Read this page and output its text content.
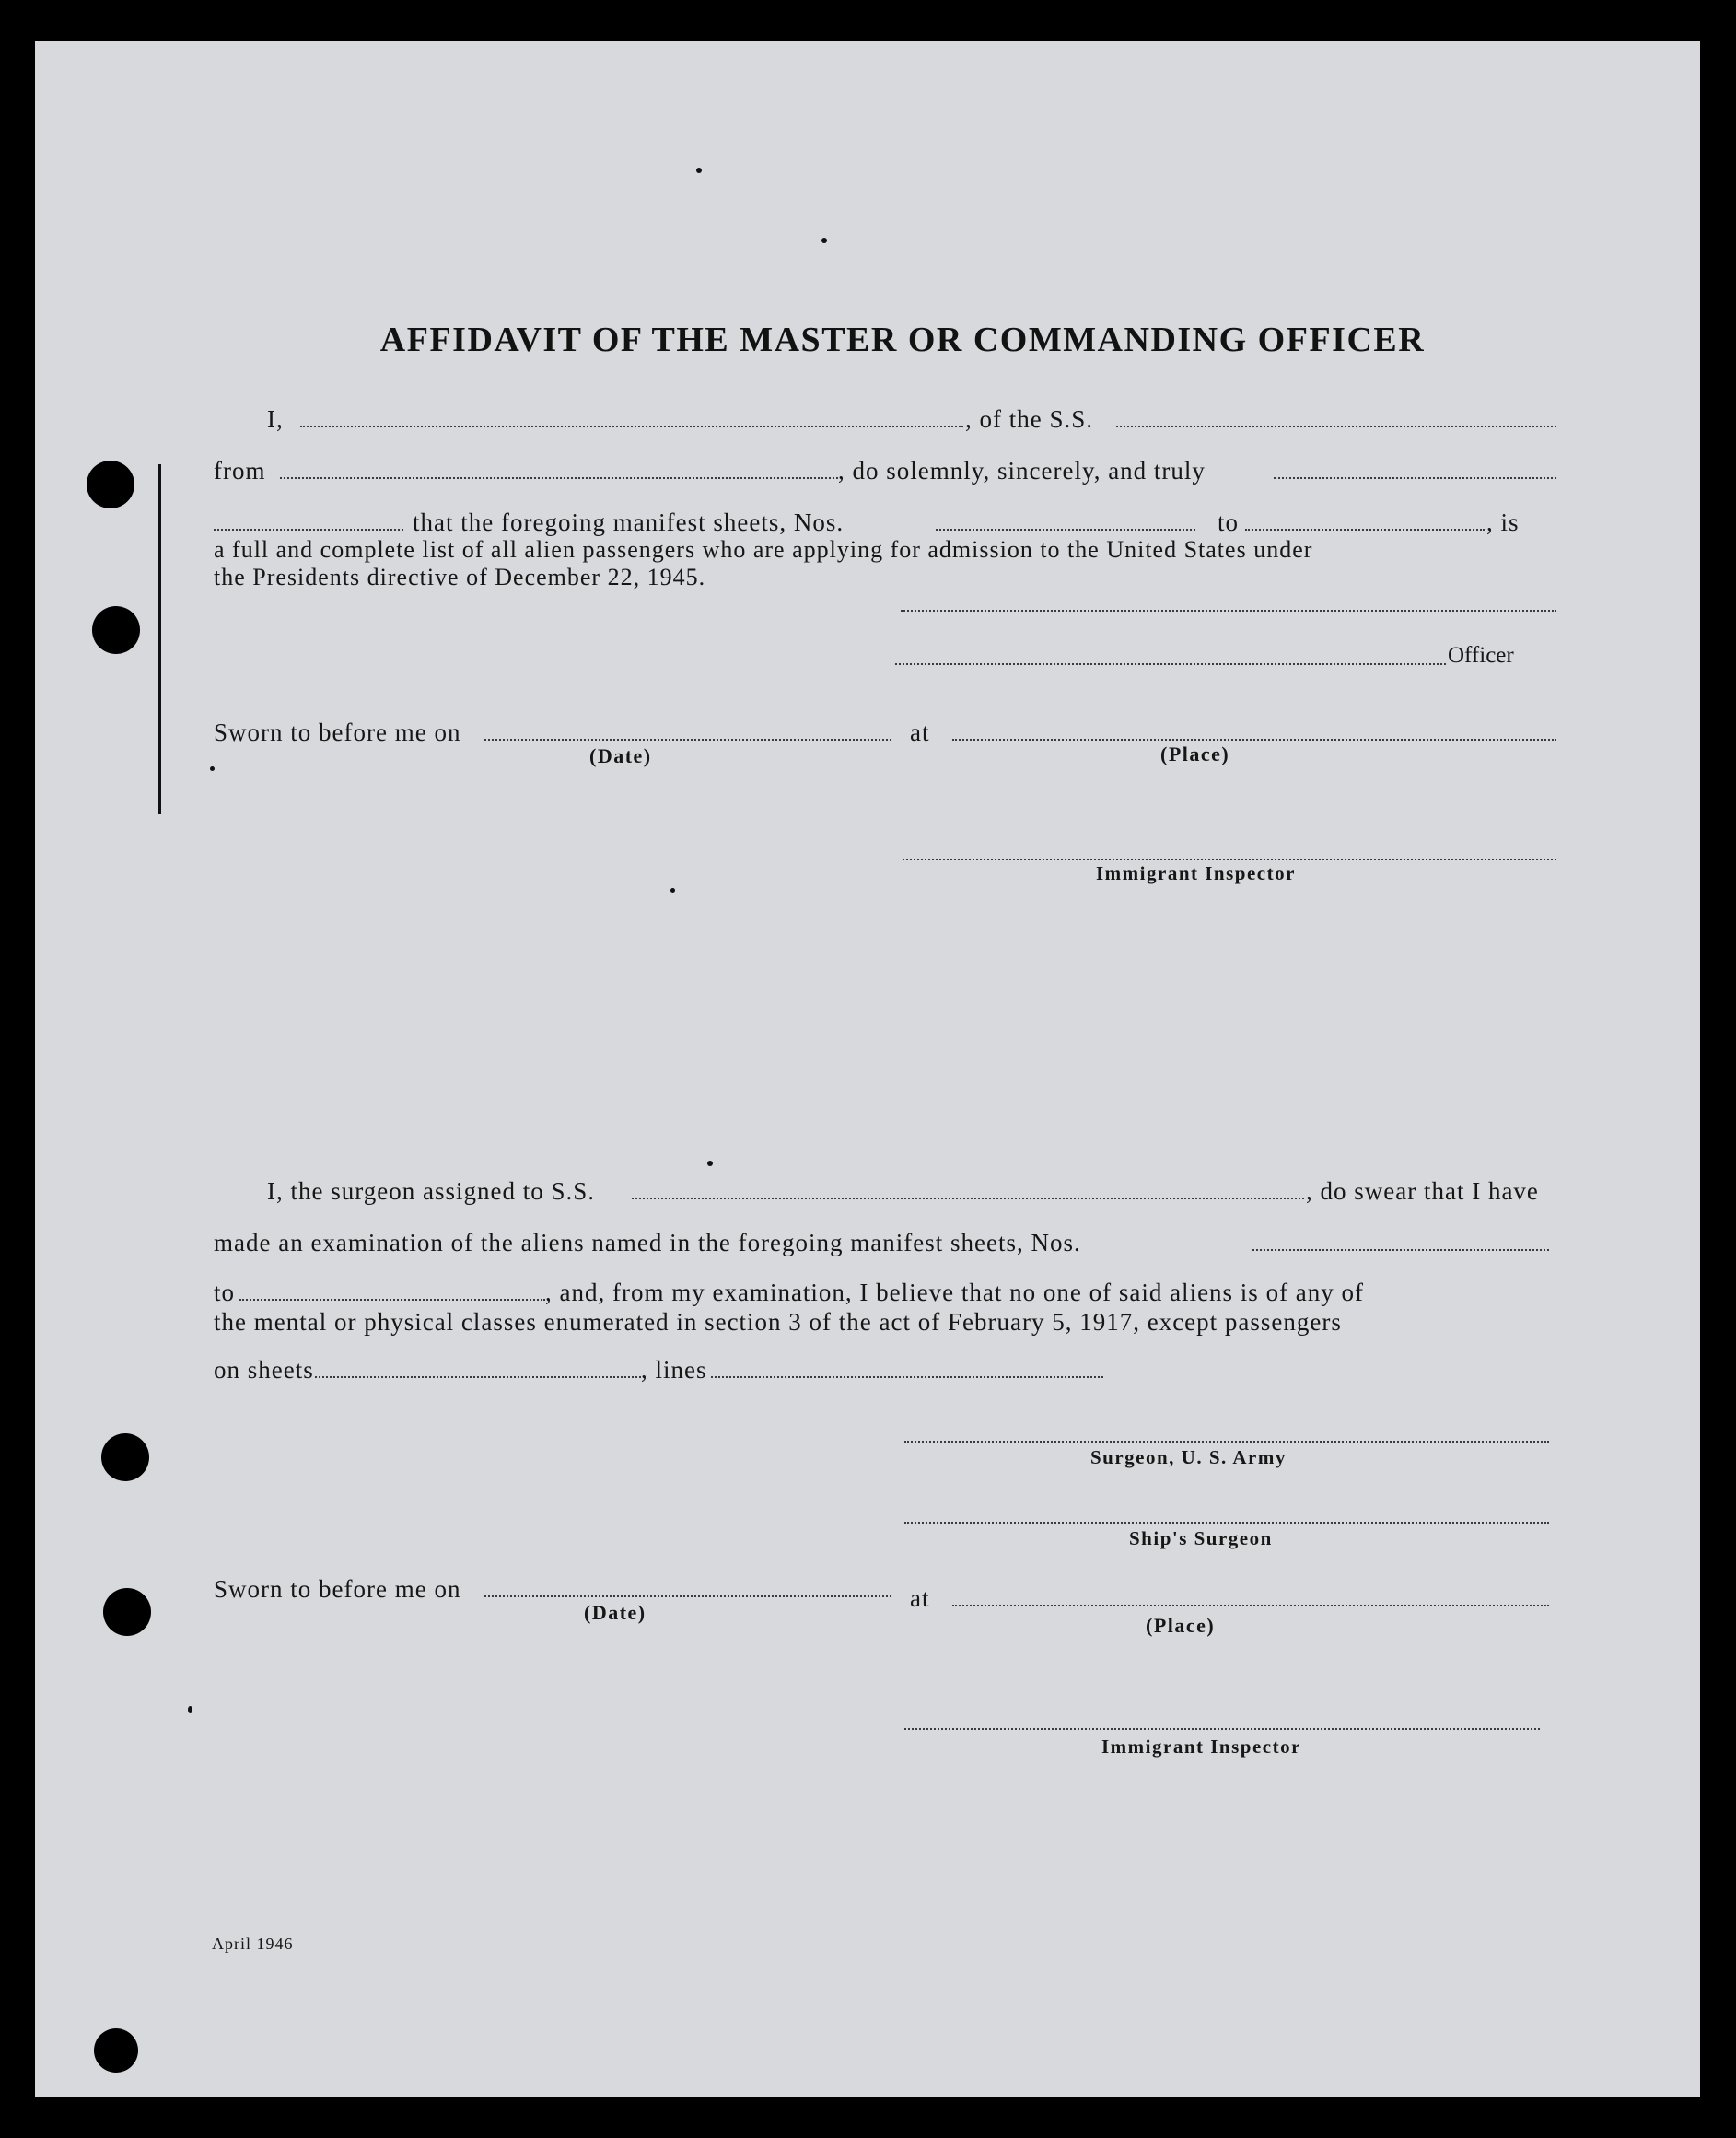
AFFIDAVIT OF THE MASTER OR COMMANDING OFFICER
I,	, of the S.S.
from	, do solemnly, sincerely, and truly
that the foregoing manifest sheets, Nos.	to	, is
a full and complete list of all alien passengers who are applying for admission to the United States under
the Presidents directive of December 22, 1945.
Officer
Sworn to before me on	at
(Date)	(Place)
Immigrant Inspector
I, the surgeon assigned to S.S.	, do swear that I have
made an examination of the aliens named in the foregoing manifest sheets, Nos.
to	, and, from my examination, I believe that no one of said aliens is of any of
the mental or physical classes enumerated in section 3 of the act of February 5, 1917, except passengers
on sheets	, lines
Surgeon, U. S. Army
Ship's Surgeon
Sworn to before me on	at
(Date)
(Place)
Immigrant Inspector
April 1946
